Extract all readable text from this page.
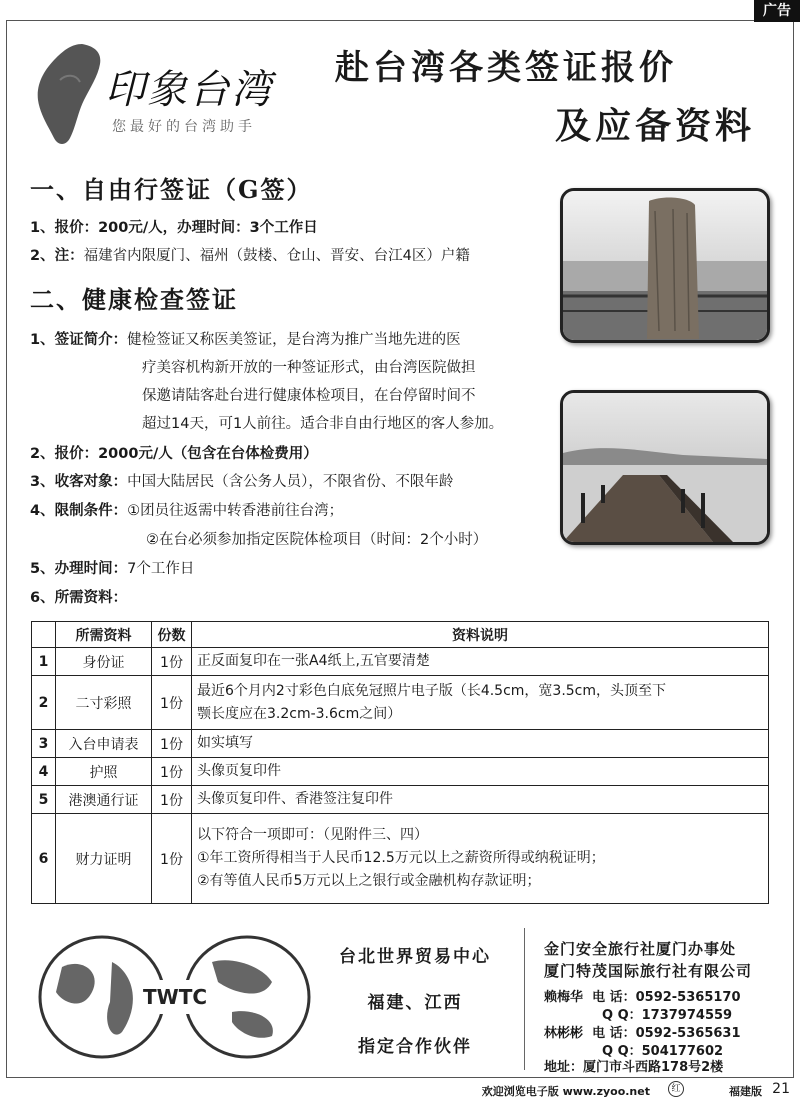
广告
印象台湾
您最好的台湾助手
赴台湾各类签证报价
及应备资料
一、自由行签证（G签）
1、报价：200元/人，办理时间：3个工作日
2、注：福建省内限厦门、福州（鼓楼、仓山、晋安、台江4区）户籍
二、健康检查签证
1、签证简介：健检签证又称医美签证，是台湾为推广当地先进的医
疗美容机构新开放的一种签证形式，由台湾医院做担
保邀请陆客赴台进行健康体检项目，在台停留时间不
超过14天，可1人前往。适合非自由行地区的客人参加。
2、报价：2000元/人（包含在台体检费用）
3、收客对象：中国大陆居民（含公务人员），不限省份、不限年龄
4、限制条件：①团员往返需中转香港前往台湾；
②在台必须参加指定医院体检项目（时间：2个小时）
5、办理时间：7个工作日
6、所需资料：
	所需资料	份数	资料说明
1	身份证	1份	正反面复印在一张A4纸上,五官要清楚
2	二寸彩照	1份	最近6个月内2寸彩色白底免冠照片电子版（长4.5cm，宽3.5cm，头顶至下
颚长度应在3.2cm-3.6cm之间）

3	入台申请表	1份	如实填写
4	护照	1份	头像页复印件
5	港澳通行证	1份	头像页复印件、香港签注复印件
6	财力证明	1份	以下符合一项即可：（见附件三、四）
①年工资所得相当于人民币12.5万元以上之薪资所得或纳税证明；
②有等值人民币5万元以上之银行或金融机构存款证明；
TWTC
台北世界贸易中心
福建、江西
指定合作伙伴
金门安全旅行社厦门办事处
厦门特茂国际旅行社有限公司
赖梅华 电 话：0592-5365170
Q Q：1737974559
林彬彬 电 话：0592-5365631
Q Q：504177602
地址：厦门市斗西路178号2楼
欢迎浏览电子版 www.zyoo.net	红	福建版 21
